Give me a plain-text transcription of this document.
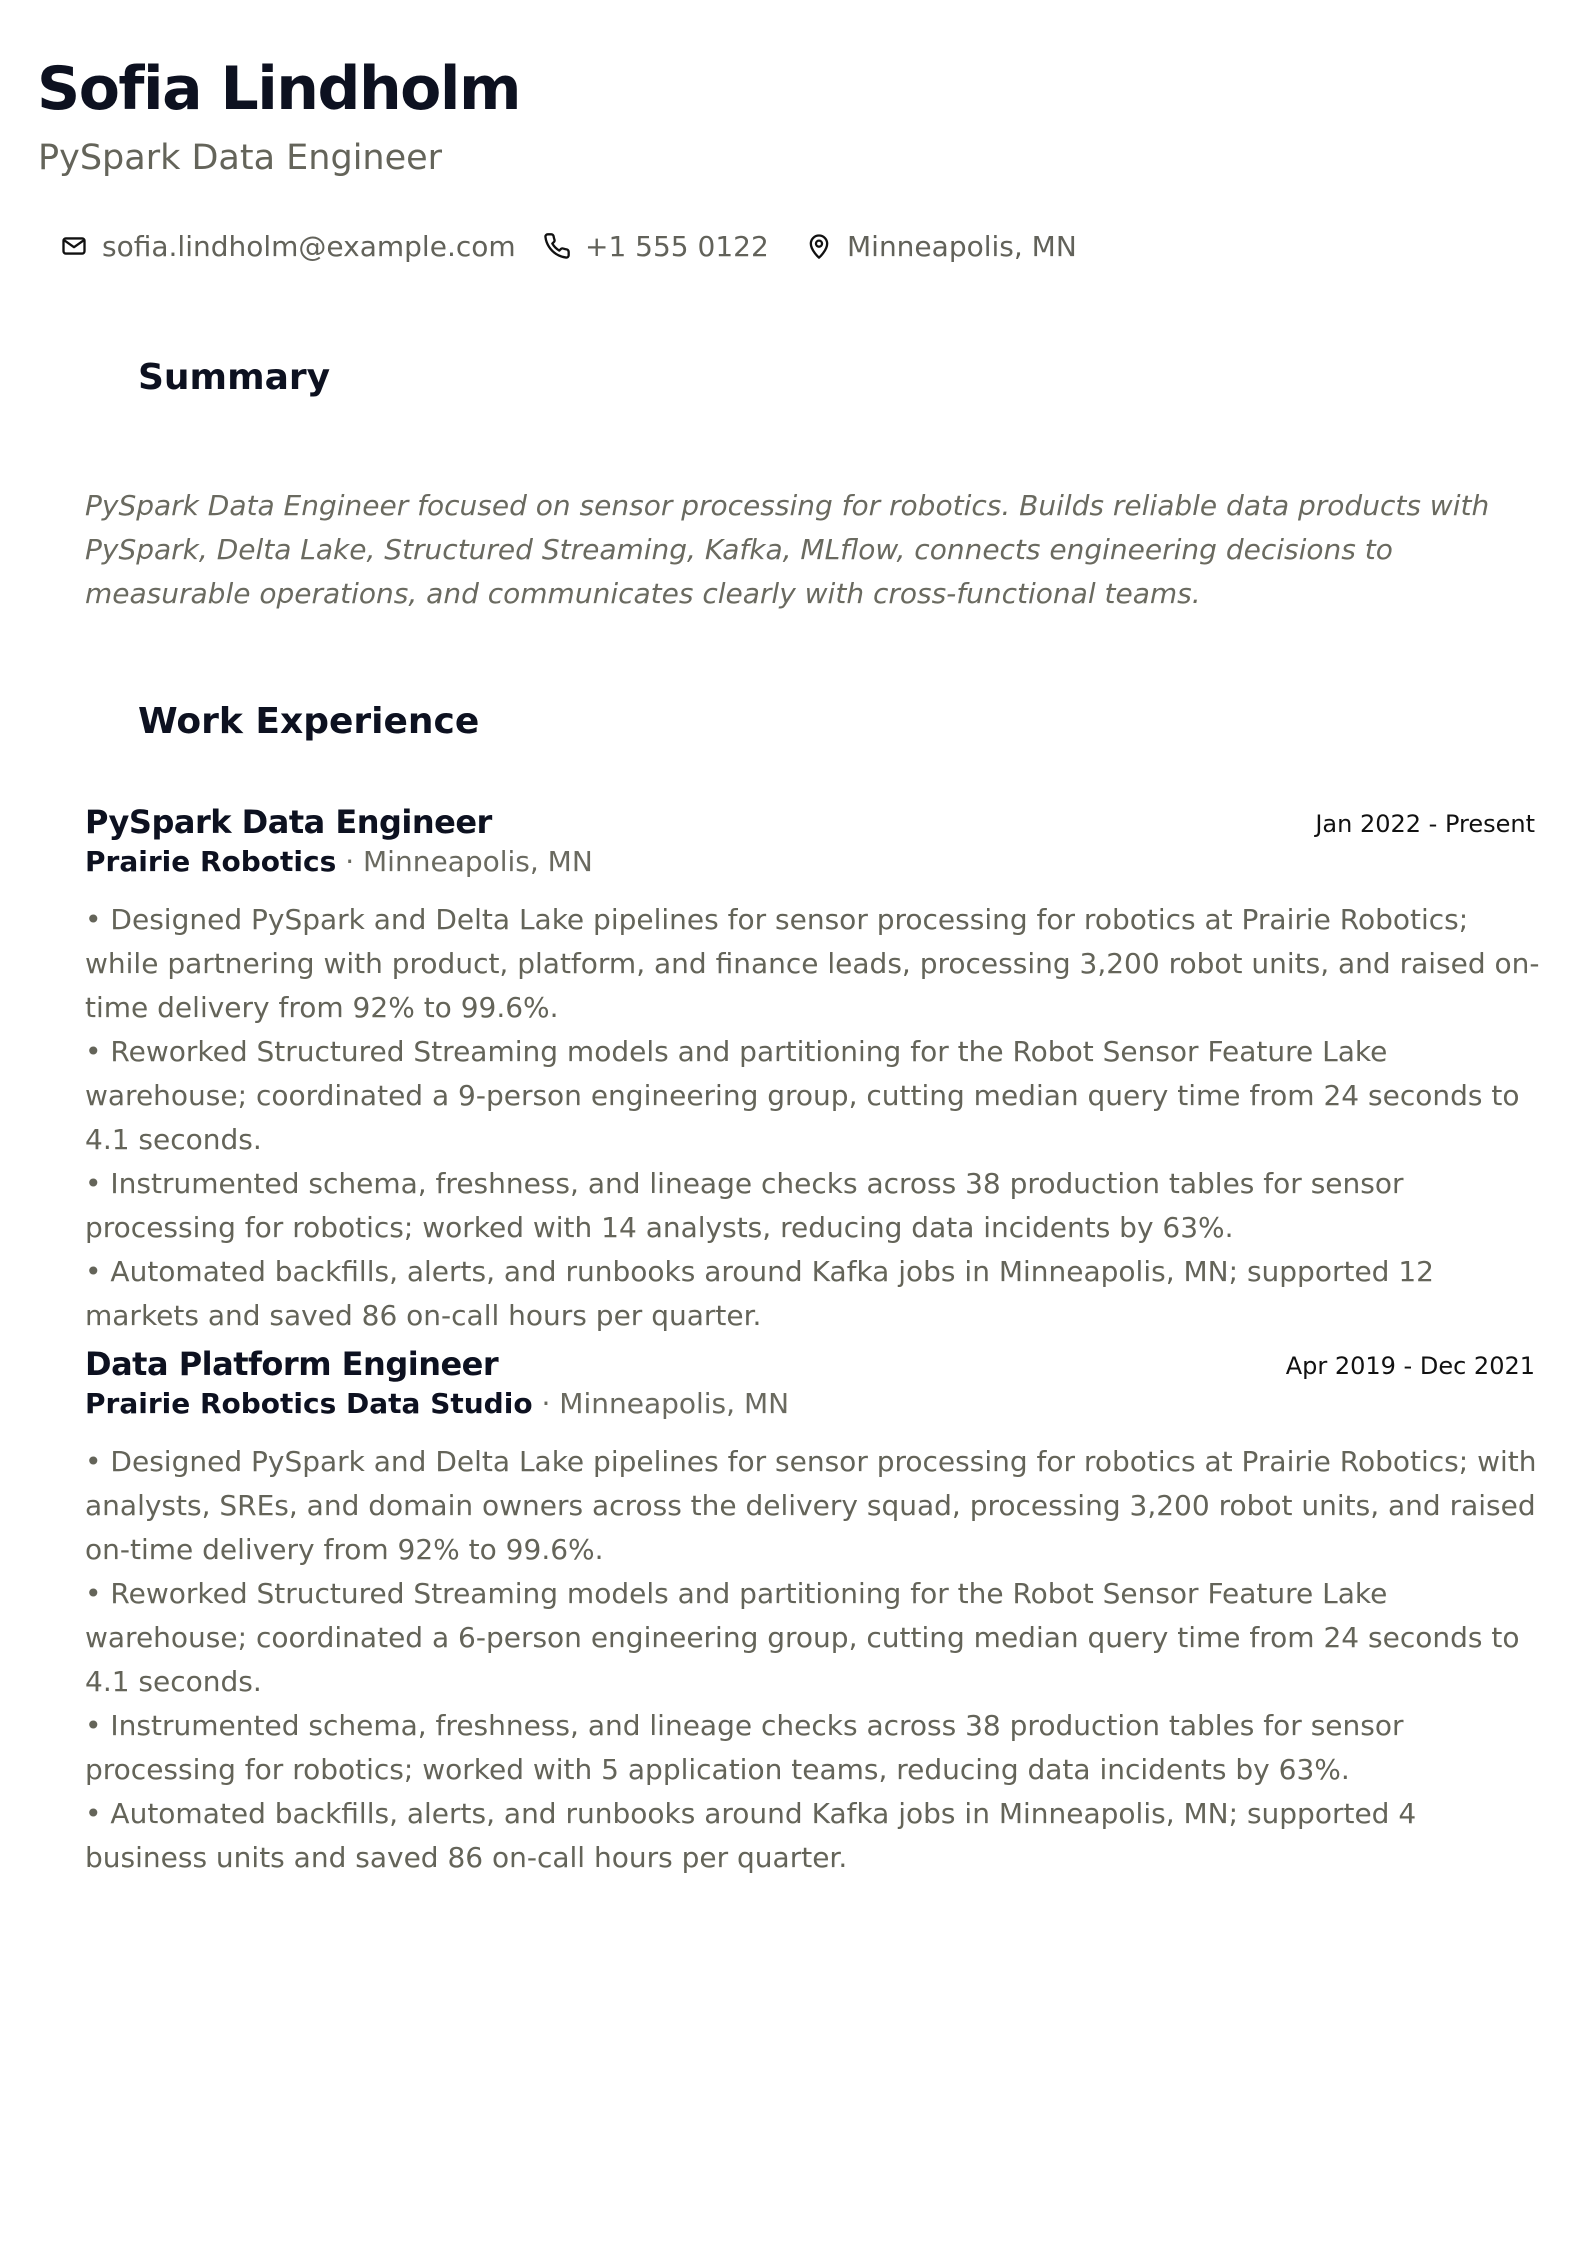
Sofia Lindholm
PySpark Data Engineer
sofia.lindholm@example.com +1 555 0122	Minneapolis, MN
Summary

PySpark Data Engineer focused on sensor processing for robotics. Builds reliable data products with PySpark, Delta Lake, Structured Streaming, Kafka, MLflow, connects engineering decisions to measurable operations, and communicates clearly with cross-functional teams.

Work Experience
PySpark Data Engineer	Jan 2022 - Present
Prairie Robotics · Minneapolis, MN
• Designed PySpark and Delta Lake pipelines for sensor processing for robotics at Prairie Robotics; while partnering with product, platform, and finance leads, processing 3,200 robot units, and raised on-time delivery from 92% to 99.6%.
• Reworked Structured Streaming models and partitioning for the Robot Sensor Feature Lake warehouse; coordinated a 9-person engineering group, cutting median query time from 24 seconds to 4.1 seconds.
• Instrumented schema, freshness, and lineage checks across 38 production tables for sensor processing for robotics; worked with 14 analysts, reducing data incidents by 63%.
• Automated backfills, alerts, and runbooks around Kafka jobs in Minneapolis, MN; supported 12 markets and saved 86 on-call hours per quarter.
Data Platform Engineer	Apr 2019 - Dec 2021
Prairie Robotics Data Studio · Minneapolis, MN
• Designed PySpark and Delta Lake pipelines for sensor processing for robotics at Prairie Robotics; with analysts, SREs, and domain owners across the delivery squad, processing 3,200 robot units, and raised on-time delivery from 92% to 99.6%.
• Reworked Structured Streaming models and partitioning for the Robot Sensor Feature Lake warehouse; coordinated a 6-person engineering group, cutting median query time from 24 seconds to 4.1 seconds.
• Instrumented schema, freshness, and lineage checks across 38 production tables for sensor processing for robotics; worked with 5 application teams, reducing data incidents by 63%.
• Automated backfills, alerts, and runbooks around Kafka jobs in Minneapolis, MN; supported 4 business units and saved 86 on-call hours per quarter.
